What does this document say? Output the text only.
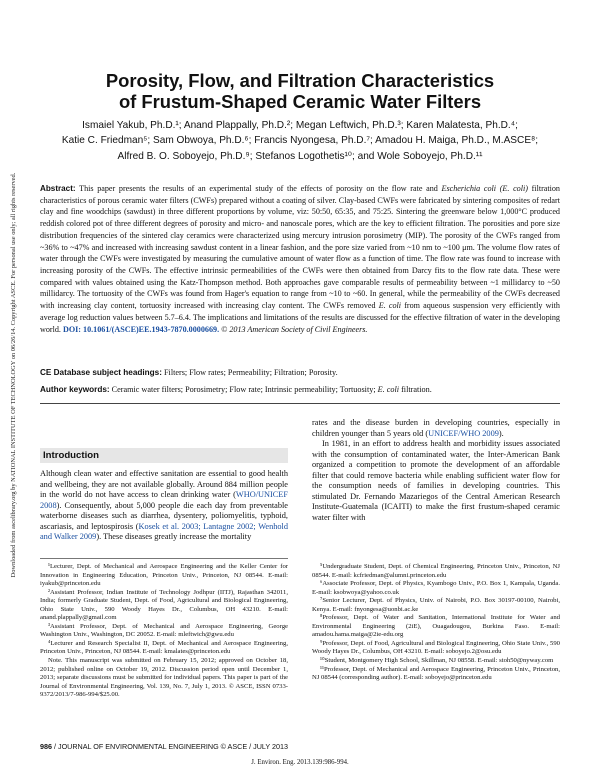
Downloaded from ascelibrary.org by NATIONAL INSTITUTE OF TECHNOLOGY on 06/26/14. Copyright ASCE. For personal use only; all rights reserved.
Porosity, Flow, and Filtration Characteristics
of Frustum-Shaped Ceramic Water Filters
Ismaiel Yakub, Ph.D.¹; Anand Plappally, Ph.D.²; Megan Leftwich, Ph.D.³; Karen Malatesta, Ph.D.⁴;
Katie C. Friedman⁵; Sam Obwoya, Ph.D.⁶; Francis Nyongesa, Ph.D.⁷; Amadou H. Maiga, Ph.D., M.ASCE⁸;
Alfred B. O. Soboyejo, Ph.D.⁹; Stefanos Logothetis¹⁰; and Wole Soboyejo, Ph.D.¹¹
Abstract: This paper presents the results of an experimental study of the effects of porosity on the flow rate and Escherichia coli (E. coli) filtration characteristics of porous ceramic water filters (CWFs) prepared without a coating of silver. Clay-based CWFs were fabricated by sintering composites of redart clay and fine woodchips (sawdust) in three different proportions by volume, viz: 50:50, 65:35, and 75:25. Sintering the greenware below 1,000°C produced reddish colored pot of three different degrees of porosity and micro- and nanoscale pores, which are the key to efficient filtration. The porosities and pore size distribution frequencies of the sintered clay ceramics were characterized using mercury intrusion porosimetry (MIP). The porosity of the CWFs ranged from ~36% to ~47% and increased with increasing sawdust content in a linear fashion, and the pore size varied from ~10 nm to ~100 μm. The volume flow rates of water through the CWFs were investigated by measuring the cumulative amount of water flow as a function of time. The flow rate was found to increase with increasing porosity of the CWFs. The effective intrinsic permeabilities of the CWFs were then obtained from Darcy fits to the flow rate data. These were compared with values obtained using the Katz-Thompson method. Both approaches gave comparable results of permeability between ~1 millidarcy to ~50 millidarcy. The tortuosity of the CWFs was found from Hager's equation to range from ~10 to ~60. In general, while the permeability of the CWFs decreased with increasing clay content, tortuosity increased with increasing clay content. The CWFs removed E. coli from aqueous suspension very efficiently with average log reduction values between 5.7–6.4. The implications and limitations of the results are discussed for the effective filtration of water in the developing world. DOI: 10.1061/(ASCE)EE.1943-7870.0000669. © 2013 American Society of Civil Engineers.
CE Database subject headings: Filters; Flow rates; Permeability; Filtration; Porosity.
Author keywords: Ceramic water filters; Porosimetry; Flow rate; Intrinsic permeability; Tortuosity; E. coli filtration.
Introduction
Although clean water and effective sanitation are essential to good health and wellbeing, they are not available globally. Around 884 million people in the world do not have access to clean drinking water (WHO/UNICEF 2008). Consequently, about 5,000 people die each day from preventable waterborne diseases such as diarrhea, dysentery, poliomyelitis, typhoid, ascariasis, and leptospirosis (Kosek et al. 2003; Lantagne 2002; Wenhold and Walker 2009). These diseases greatly increase the mortality
rates and the disease burden in developing countries, especially in children younger than 5 years old (UNICEF/WHO 2009).
In 1981, in an effort to address health and morbidity issues associated with the consumption of contaminated water, the Inter-American Bank organized a competition to promote the development of an affordable filter that could remove bacteria while enabling sufficient water flow for the consumption needs of families in developing countries. This stimulated Dr. Fernando Mazariegos of the Central American Research Institute-Guatemala (ICAITI) to make the first frustum-shaped ceramic water filter with
¹Lecturer, Dept. of Mechanical and Aerospace Engineering and the Keller Center for Innovation in Engineering Education, Princeton Univ., Princeton, NJ 08544. E-mail: iyakub@princeton.edu
²Assistant Professor, Indian Institute of Technology Jodhpur (IITJ), Rajasthan 342011, India; formerly Graduate Student, Dept. of Food, Agricultural and Biological Engineering, Ohio State Univ., 590 Woody Hayes Dr., Columbus, OH 43210. E-mail: anand.plappally@gmail.com
³Assistant Professor, Dept. of Mechanical and Aerospace Engineering, George Washington Univ., Washington, DC 20052. E-mail: mleftwich@gwu.edu
⁴Lecturer and Research Specialist II, Dept. of Mechanical and Aerospace Engineering, Princeton Univ., Princeton, NJ 08544. E-mail: kmalates@princeton.edu
Note. This manuscript was submitted on February 15, 2012; approved on October 18, 2012; published online on October 19, 2012. Discussion period open until December 1, 2013; separate discussions must be submitted for individual papers. This paper is part of the Journal of Environmental Engineering, Vol. 139, No. 7, July 1, 2013. © ASCE, ISSN 0733-9372/2013/7-986-994/$25.00.
⁵Undergraduate Student, Dept. of Chemical Engineering, Princeton Univ., Princeton, NJ 08544. E-mail: kcfriedman@alumni.princeton.edu
⁶Associate Professor, Dept. of Physics, Kyambogo Univ., P.O. Box 1, Kampala, Uganda. E-mail: ksobwoya@yahoo.co.uk
⁷Senior Lecturer, Dept. of Physics, Univ. of Nairobi, P.O. Box 30197-00100, Nairobi, Kenya. E-mail: fnyongesa@uonbi.ac.ke
⁸Professor, Dept. of Water and Sanitation, International Institute for Water and Environmental Engineering (2iE), Ouagadougou, Burkina Faso. E-mail: amadou.hama.maiga@2ie-edu.org
⁹Professor, Dept. of Food, Agricultural and Biological Engineering, Ohio State Univ., 590 Woody Hayes Dr., Columbus, OH 43210. E-mail: soboyejo.2@osu.edu
¹⁰Student, Montgomery High School, Skillman, NJ 08558. E-mail: stoh50@nyway.com
¹¹Professor, Dept. of Mechanical and Aerospace Engineering, Princeton Univ., Princeton, NJ 08544 (corresponding author). E-mail: soboyejo@princeton.edu
986 / JOURNAL OF ENVIRONMENTAL ENGINEERING © ASCE / JULY 2013
J. Environ. Eng. 2013.139:986-994.
